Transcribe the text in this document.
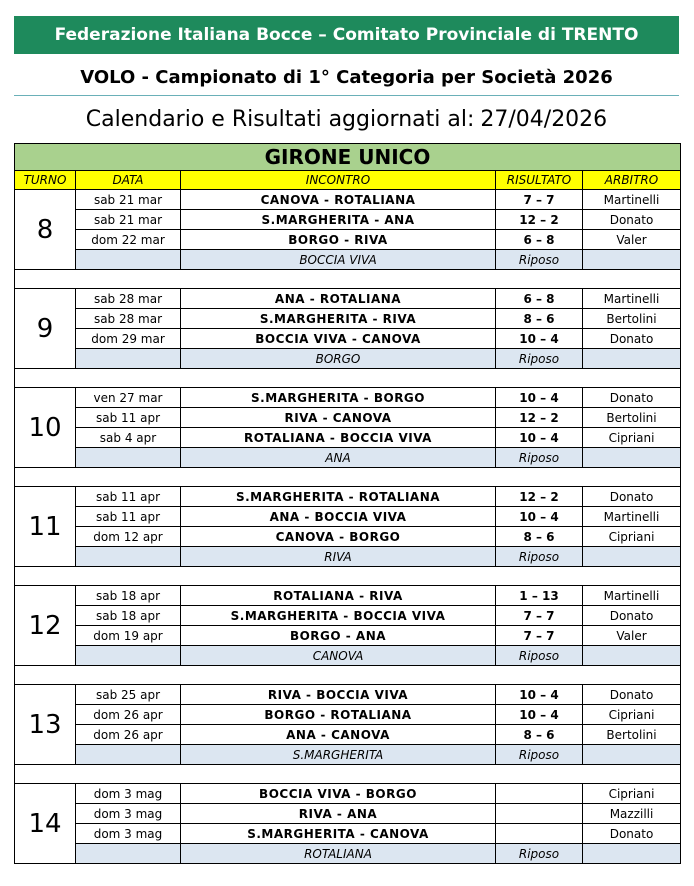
Federazione Italiana Bocce – Comitato Provinciale di TRENTO
VOLO - Campionato di 1° Categoria per Società 2026
Calendario e Risultati aggiornati al: 27/04/2026
GIRONE UNICO				
TURNO	DATA	INCONTRO	RISULTATO	ARBITRO
8	sab 21 mar	CANOVA - ROTALIANA	7 – 7	Martinelli
	sab 21 mar	S.MARGHERITA - ANA	12 – 2	Donato
	dom 22 mar	BORGO - RIVA	6 – 8	Valer
		BOCCIA VIVA	Riposo	

9	sab 28 mar	ANA - ROTALIANA	6 – 8	Martinelli
	sab 28 mar	S.MARGHERITA - RIVA	8 – 6	Bertolini
	dom 29 mar	BOCCIA VIVA - CANOVA	10 – 4	Donato
		BORGO	Riposo	

10	ven 27 mar	S.MARGHERITA - BORGO	10 – 4	Donato
	sab 11 apr	RIVA - CANOVA	12 – 2	Bertolini
	sab 4 apr	ROTALIANA - BOCCIA VIVA	10 – 4	Cipriani
		ANA	Riposo	

11	sab 11 apr	S.MARGHERITA - ROTALIANA	12 – 2	Donato
	sab 11 apr	ANA - BOCCIA VIVA	10 – 4	Martinelli
	dom 12 apr	CANOVA - BORGO	8 – 6	Cipriani
		RIVA	Riposo	

12	sab 18 apr	ROTALIANA - RIVA	1 – 13	Martinelli
	sab 18 apr	S.MARGHERITA - BOCCIA VIVA	7 – 7	Donato
	dom 19 apr	BORGO - ANA	7 – 7	Valer
		CANOVA	Riposo	

13	sab 25 apr	RIVA - BOCCIA VIVA	10 – 4	Donato
	dom 26 apr	BORGO - ROTALIANA	10 – 4	Cipriani
	dom 26 apr	ANA - CANOVA	8 – 6	Bertolini
		S.MARGHERITA	Riposo	

14	dom 3 mag	BOCCIA VIVA - BORGO		Cipriani
	dom 3 mag	RIVA - ANA		Mazzilli
	dom 3 mag	S.MARGHERITA - CANOVA		Donato
		ROTALIANA	Riposo	
